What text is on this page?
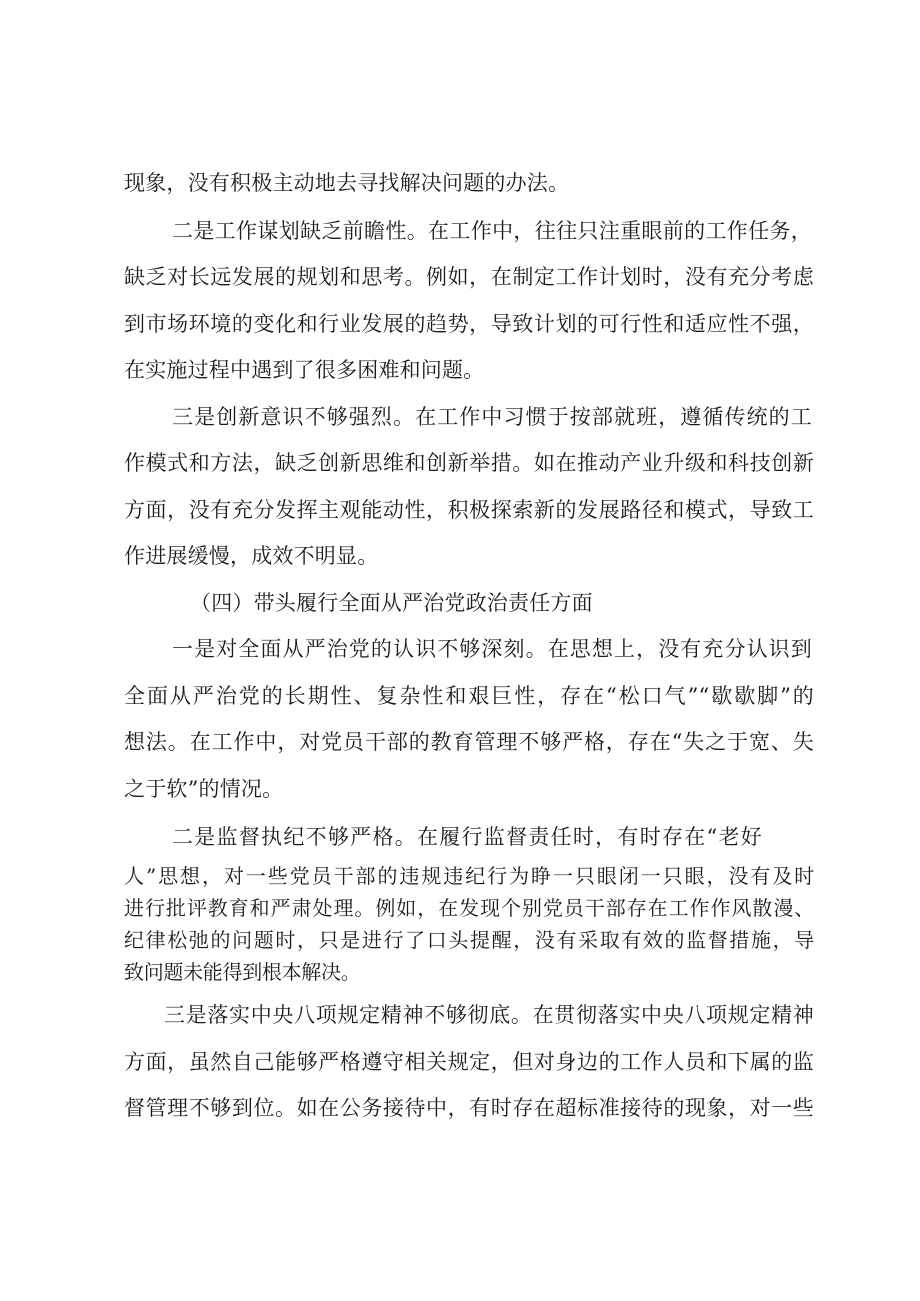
现象，没有积极主动地去寻找解决问题的办法。
二是工作谋划缺乏前瞻性。在工作中，往往只注重眼前的工作任务，
缺乏对长远发展的规划和思考。例如，在制定工作计划时，没有充分考虑
到市场环境的变化和行业发展的趋势，导致计划的可行性和适应性不强，
在实施过程中遇到了很多困难和问题。
三是创新意识不够强烈。在工作中习惯于按部就班，遵循传统的工
作模式和方法，缺乏创新思维和创新举措。如在推动产业升级和科技创新
方面，没有充分发挥主观能动性，积极探索新的发展路径和模式，导致工
作进展缓慢，成效不明显。
（四）带头履行全面从严治党政治责任方面
一是对全面从严治党的认识不够深刻。在思想上，没有充分认识到
全面从严治党的长期性、复杂性和艰巨性，存在“松口气”“歇歇脚”的
想法。在工作中，对党员干部的教育管理不够严格，存在“失之于宽、失
之于软”的情况。
二是监督执纪不够严格。在履行监督责任时，有时存在“老好
人”思想，对一些党员干部的违规违纪行为睁一只眼闭一只眼，没有及时
进行批评教育和严肃处理。例如，在发现个别党员干部存在工作作风散漫、
纪律松弛的问题时，只是进行了口头提醒，没有采取有效的监督措施，导
致问题未能得到根本解决。
三是落实中央八项规定精神不够彻底。在贯彻落实中央八项规定精神
方面，虽然自己能够严格遵守相关规定，但对身边的工作人员和下属的监
督管理不够到位。如在公务接待中，有时存在超标准接待的现象，对一些
